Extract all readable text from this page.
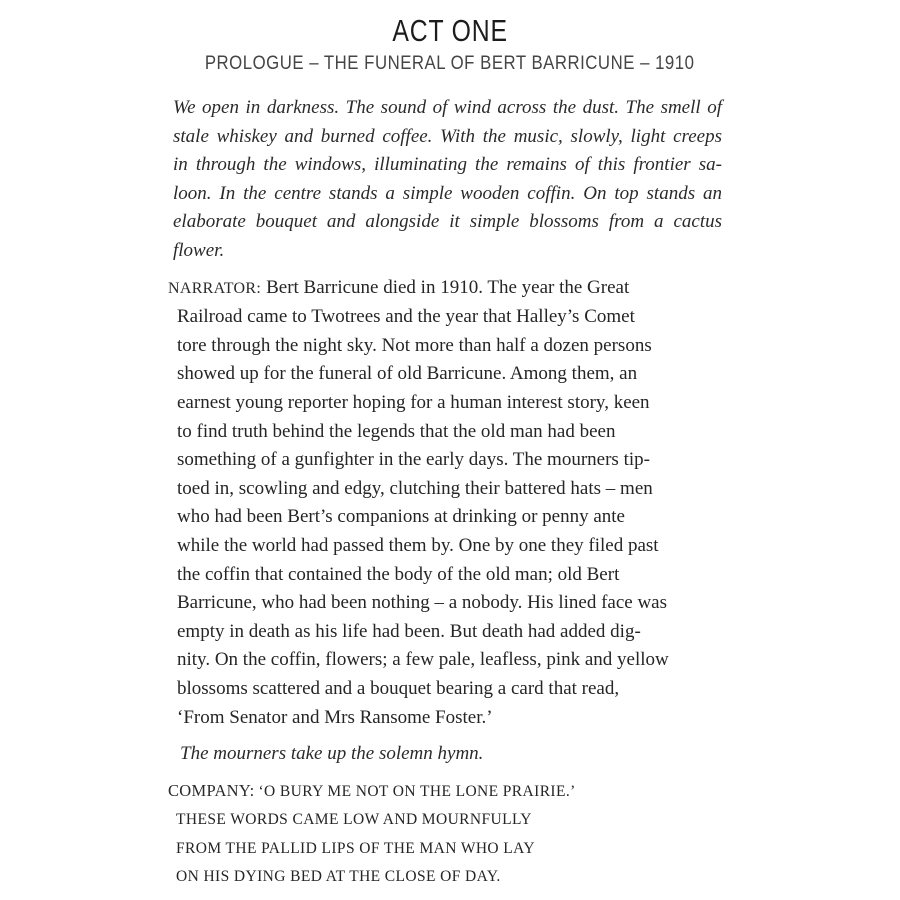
ACT ONE
PROLOGUE – THE FUNERAL OF BERT BARRICUNE – 1910
We open in darkness. The sound of wind across the dust. The smell of
stale whiskey and burned coffee. With the music, slowly, light creeps
in through the windows, illuminating the remains of this frontier sa-
loon. In the centre stands a simple wooden coffin. On top stands an
elaborate bouquet and alongside it simple blossoms from a cactus
flower.
NARRATOR: Bert Barricune died in 1910. The year the Great
Railroad came to Twotrees and the year that Halley’s Comet
tore through the night sky. Not more than half a dozen persons
showed up for the funeral of old Barricune. Among them, an
earnest young reporter hoping for a human interest story, keen
to find truth behind the legends that the old man had been
something of a gunfighter in the early days. The mourners tip-
toed in, scowling and edgy, clutching their battered hats – men
who had been Bert’s companions at drinking or penny ante
while the world had passed them by. One by one they filed past
the coffin that contained the body of the old man; old Bert
Barricune, who had been nothing – a nobody. His lined face was
empty in death as his life had been. But death had added dig-
nity. On the coffin, flowers; a few pale, leafless, pink and yellow
blossoms scattered and a bouquet bearing a card that read,
‘From Senator and Mrs Ransome Foster.’
The mourners take up the solemn hymn.
COMPANY: ‘O BURY ME NOT ON THE LONE PRAIRIE.’
THESE WORDS CAME LOW AND MOURNFULLY
FROM THE PALLID LIPS OF THE MAN WHO LAY
ON HIS DYING BED AT THE CLOSE OF DAY.
